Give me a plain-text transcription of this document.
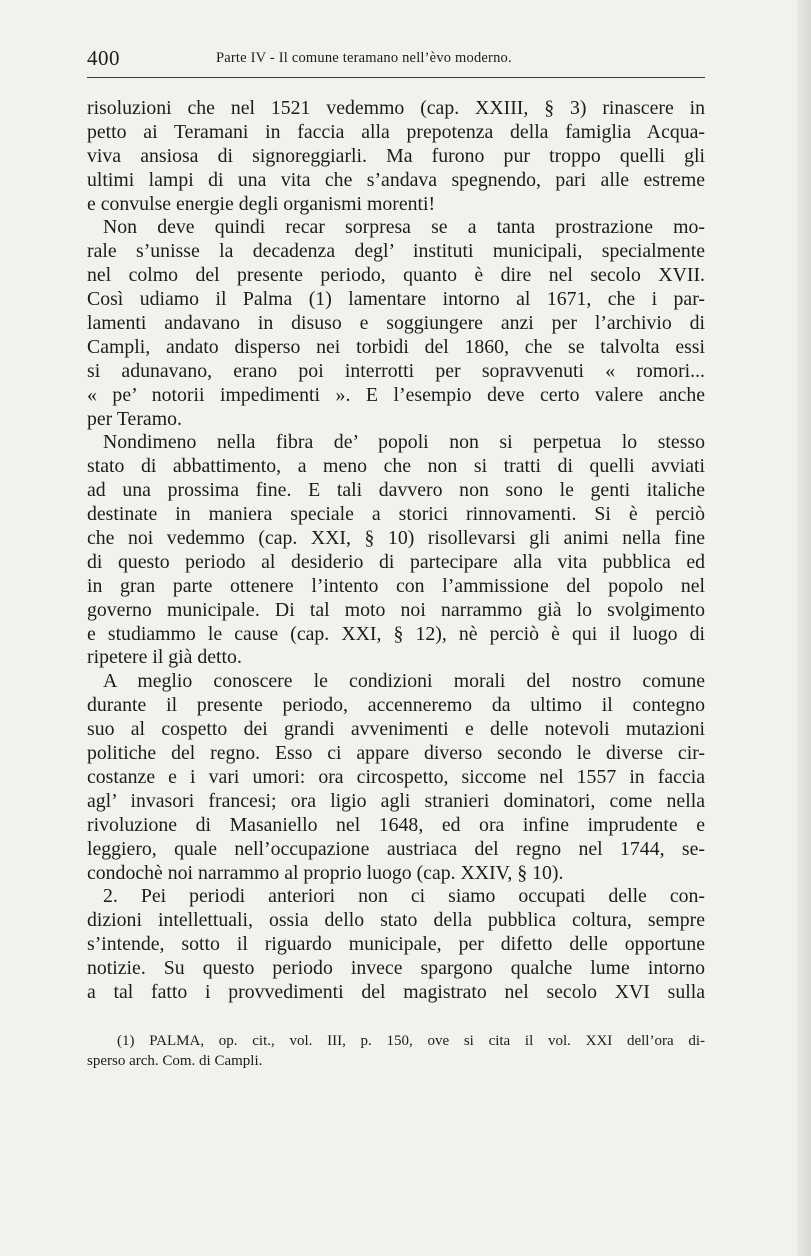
400	Parte IV - Il comune teramano nell’èvo moderno.
risoluzioni che nel 1521 vedemmo (cap. XXIII, § 3) rinascere in
petto ai Teramani in faccia alla prepotenza della famiglia Acqua-
viva ansiosa di signoreggiarli. Ma furono pur troppo quelli gli
ultimi lampi di una vita che s’andava spegnendo, pari alle estreme
e convulse energie degli organismi morenti!
Non deve quindi recar sorpresa se a tanta prostrazione mo-
rale s’unisse la decadenza degl’ instituti municipali, specialmente
nel colmo del presente periodo, quanto è dire nel secolo XVII.
Così udiamo il Palma (1) lamentare intorno al 1671, che i par-
lamenti andavano in disuso e soggiungere anzi per l’archivio di
Campli, andato disperso nei torbidi del 1860, che se talvolta essi
si adunavano, erano poi interrotti per sopravvenuti « romori...
« pe’ notorii impedimenti ». E l’esempio deve certo valere anche
per Teramo.
Nondimeno nella fibra de’ popoli non si perpetua lo stesso
stato di abbattimento, a meno che non si tratti di quelli avviati
ad una prossima fine. E tali davvero non sono le genti italiche
destinate in maniera speciale a storici rinnovamenti. Si è perciò
che noi vedemmo (cap. XXI, § 10) risollevarsi gli animi nella fine
di questo periodo al desiderio di partecipare alla vita pubblica ed
in gran parte ottenere l’intento con l’ammissione del popolo nel
governo municipale. Di tal moto noi narrammo già lo svolgimento
e studiammo le cause (cap. XXI, § 12), nè perciò è qui il luogo di
ripetere il già detto.
A meglio conoscere le condizioni morali del nostro comune
durante il presente periodo, accenneremo da ultimo il contegno
suo al cospetto dei grandi avvenimenti e delle notevoli mutazioni
politiche del regno. Esso ci appare diverso secondo le diverse cir-
costanze e i vari umori: ora circospetto, siccome nel 1557 in faccia
agl’ invasori francesi; ora ligio agli stranieri dominatori, come nella
rivoluzione di Masaniello nel 1648, ed ora infine imprudente e
leggiero, quale nell’occupazione austriaca del regno nel 1744, se-
condochè noi narrammo al proprio luogo (cap. XXIV, § 10).
2. Pei periodi anteriori non ci siamo occupati delle con-
dizioni intellettuali, ossia dello stato della pubblica coltura, sempre
s’intende, sotto il riguardo municipale, per difetto delle opportune
notizie. Su questo periodo invece spargono qualche lume intorno
a tal fatto i provvedimenti del magistrato nel secolo XVI sulla
(1) PALMA, op. cit., vol. III, p. 150, ove si cita il vol. XXI dell’ora di-
sperso arch. Com. di Campli.
